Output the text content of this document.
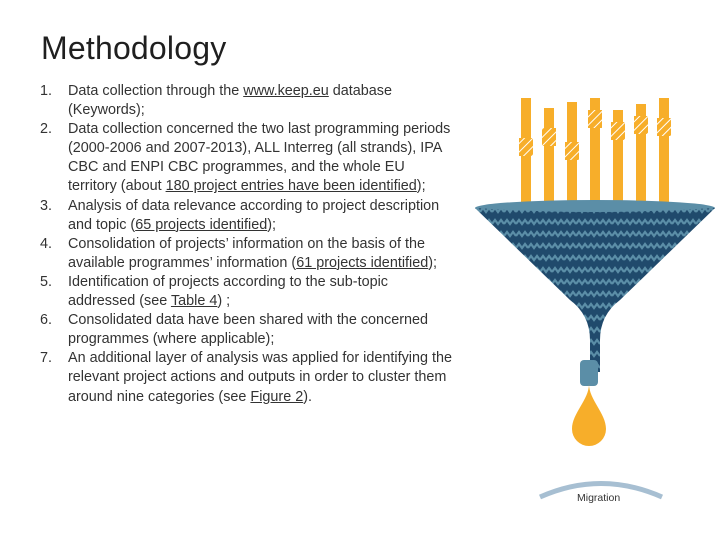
Methodology
1. Data collection through the www.keep.eu database (Keywords);
2. Data collection concerned the two last programming periods (2000-2006 and 2007-2013), ALL Interreg (all strands), IPA CBC and ENPI CBC programmes, and the whole EU territory (about 180 project entries have been identified);
3. Analysis of data relevance according to project description and topic (65 projects identified);
4. Consolidation of projects’ information on the basis of the available programmes’ information (61 projects identified);
5. Identification of projects according to the sub-topic addressed (see Table 4) ;
6. Consolidated data have been shared with the concerned programmes (where applicable);
7. An additional layer of analysis was applied for identifying the relevant project actions and outputs in order to cluster them around nine categories (see Figure 2).
Migration
